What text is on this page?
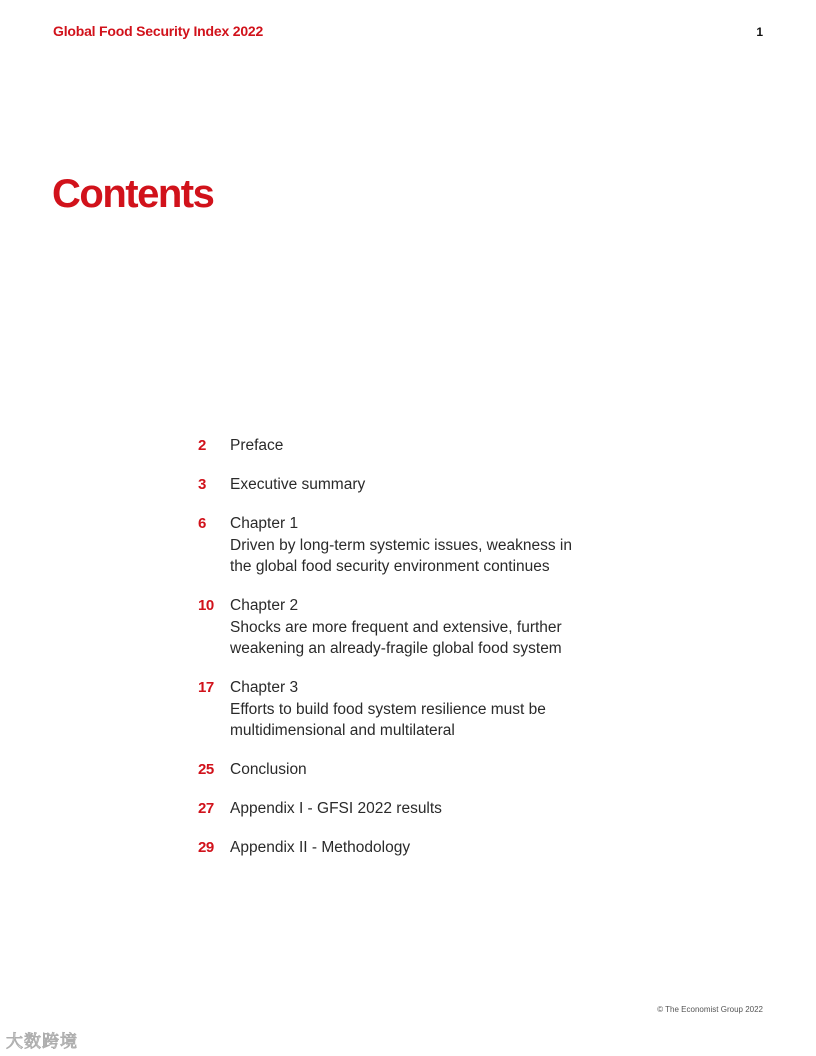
Global Food Security Index 2022	1
Contents
2	Preface
3	Executive summary
6	Chapter 1
Driven by long-term systemic issues, weakness in the global food security environment continues
10	Chapter 2
Shocks are more frequent and extensive, further weakening an already-fragile global food system
17	Chapter 3
Efforts to build food system resilience must be multidimensional and multilateral
25	Conclusion
27	Appendix I - GFSI 2022 results
29	Appendix II - Methodology
© The Economist Group 2022
大数跨境
